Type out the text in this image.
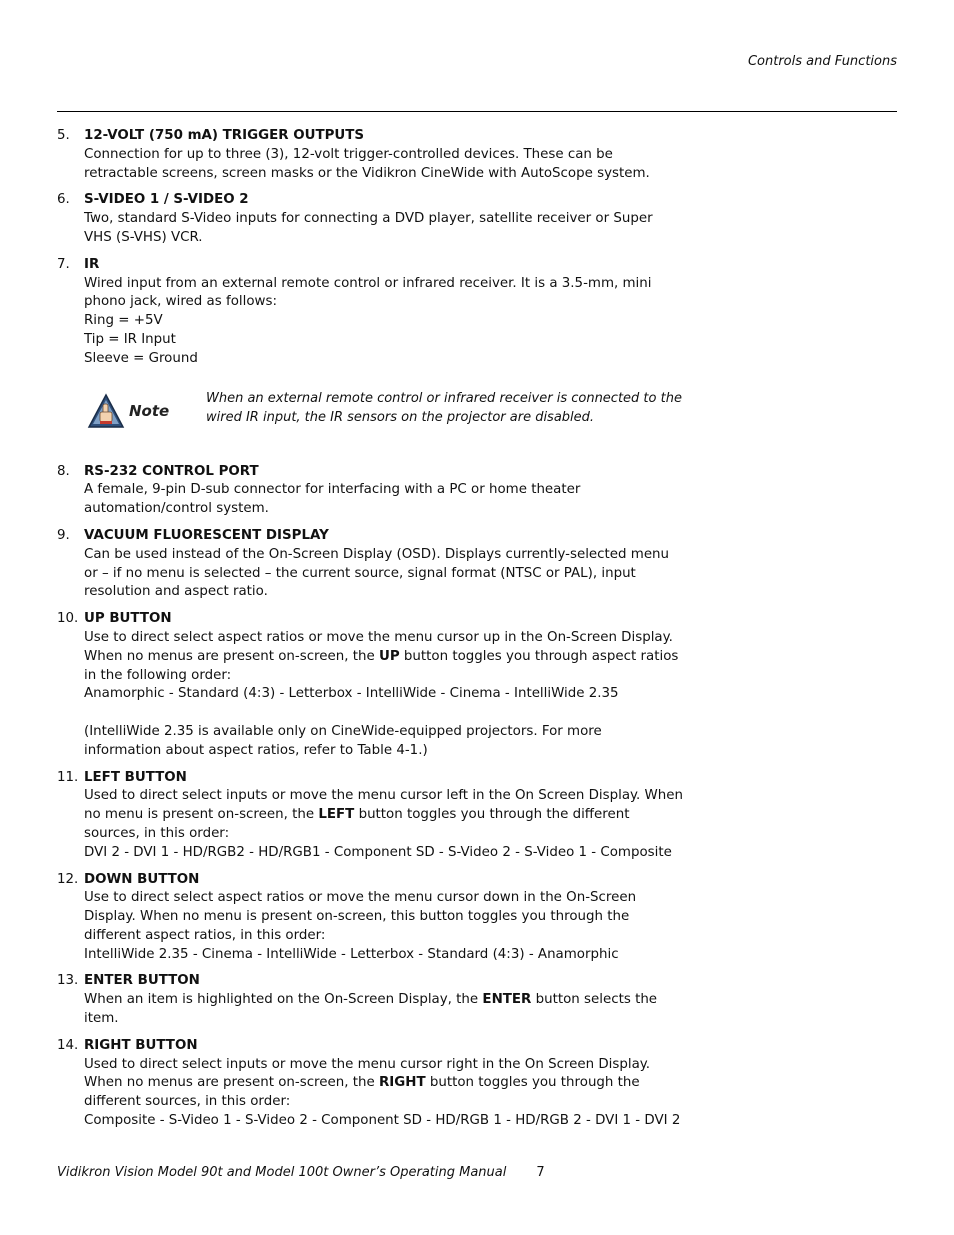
Controls and Functions
5.	12-VOLT (750 mA) TRIGGER OUTPUTS
Connection for up to three (3), 12-volt trigger-controlled devices. These can be
retractable screens, screen masks or the Vidikron CineWide with AutoScope system.
6.	S-VIDEO 1 / S-VIDEO 2
Two, standard S-Video inputs for connecting a DVD player, satellite receiver or Super
VHS (S-VHS) VCR.
7.	IR
Wired input from an external remote control or infrared receiver. It is a 3.5-mm, mini
phono jack, wired as follows:
Ring = +5V
Tip = IR Input
Sleeve = Ground
Note
When an external remote control or infrared receiver is connected to the
wired IR input, the IR sensors on the projector are disabled.
8.	RS-232 CONTROL PORT
A female, 9-pin D-sub connector for interfacing with a PC or home theater
automation/control system.
9.	VACUUM FLUORESCENT DISPLAY
Can be used instead of the On-Screen Display (OSD). Displays currently-selected menu
or – if no menu is selected – the current source, signal format (NTSC or PAL), input
resolution and aspect ratio.
10. UP BUTTON
Use to direct select aspect ratios or move the menu cursor up in the On-Screen Display.
When no menus are present on-screen, the UP button toggles you through aspect ratios
in the following order:
Anamorphic - Standard (4:3) - Letterbox - IntelliWide - Cinema - IntelliWide 2.35
(IntelliWide 2.35 is available only on CineWide-equipped projectors. For more
information about aspect ratios, refer to Table 4-1.)
11. LEFT BUTTON
Used to direct select inputs or move the menu cursor left in the On Screen Display. When
no menu is present on-screen, the LEFT button toggles you through the different
sources, in this order:
DVI 2 - DVI 1 - HD/RGB2 - HD/RGB1 - Component SD - S-Video 2 - S-Video 1 - Composite
12. DOWN BUTTON
Use to direct select aspect ratios or move the menu cursor down in the On-Screen
Display. When no menu is present on-screen, this button toggles you through the
different aspect ratios, in this order:
IntelliWide 2.35 - Cinema - IntelliWide - Letterbox - Standard (4:3) - Anamorphic
13. ENTER BUTTON
When an item is highlighted on the On-Screen Display, the ENTER button selects the
item.
14. RIGHT BUTTON
Used to direct select inputs or move the menu cursor right in the On Screen Display.
When no menus are present on-screen, the RIGHT button toggles you through the
different sources, in this order:
Composite - S-Video 1 - S-Video 2 - Component SD - HD/RGB 1 - HD/RGB 2 - DVI 1 - DVI 2
Vidikron Vision Model 90t and Model 100t Owner’s Operating Manual 7
